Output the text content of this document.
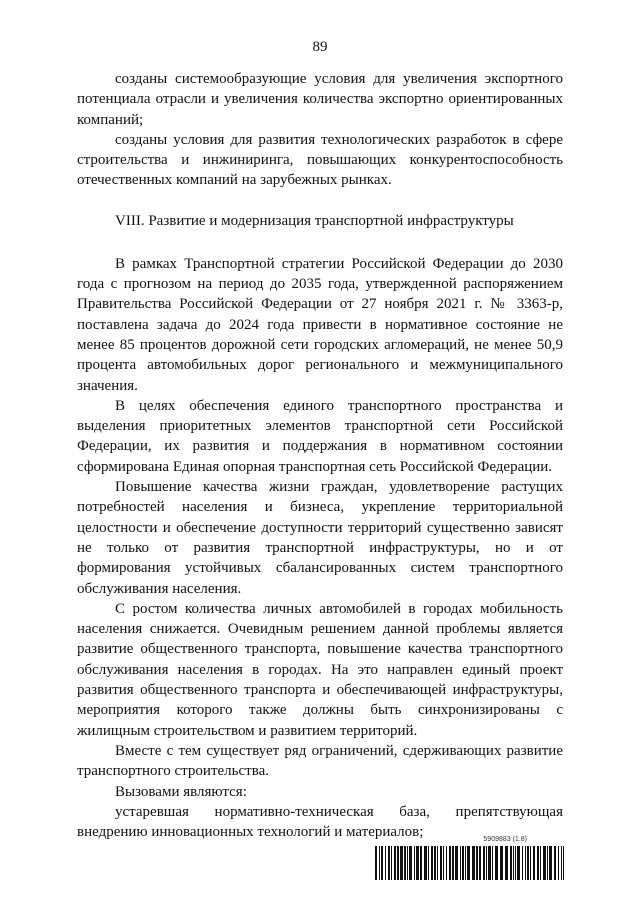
89

созданы системообразующие условия для увеличения экспортного потенциала отрасли и увеличения количества экспортно ориентированных компаний;

созданы условия для развития технологических разработок в сфере строительства и инжиниринга, повышающих конкурентоспособность отечественных компаний на зарубежных рынках.

VIII. Развитие и модернизация транспортной инфраструктуры

В рамках Транспортной стратегии Российской Федерации до 2030 года с прогнозом на период до 2035 года, утвержденной распоряжением Правительства Российской Федерации от 27 ноября 2021 г. № 3363-р, поставлена задача до 2024 года привести в нормативное состояние не менее 85 процентов дорожной сети городских агломераций, не менее 50,9 процента автомобильных дорог регионального и межмуниципального значения.

В целях обеспечения единого транспортного пространства и выделения приоритетных элементов транспортной сети Российской Федерации, их развития и поддержания в нормативном состоянии сформирована Единая опорная транспортная сеть Российской Федерации.

Повышение качества жизни граждан, удовлетворение растущих потребностей населения и бизнеса, укрепление территориальной целостности и обеспечение доступности территорий существенно зависят не только от развития транспортной инфраструктуры, но и от формирования устойчивых сбалансированных систем транспортного обслуживания населения.

С ростом количества личных автомобилей в городах мобильность населения снижается. Очевидным решением данной проблемы является развитие общественного транспорта, повышение качества транспортного обслуживания населения в городах. На это направлен единый проект развития общественного транспорта и обеспечивающей инфраструктуры, мероприятия которого также должны быть синхронизированы с жилищным строительством и развитием территорий.

Вместе с тем существует ряд ограничений, сдерживающих развитие транспортного строительства.

Вызовами являются:

устаревшая нормативно-техническая база, препятствующая внедрению инновационных технологий и материалов;	5909883 (1.8)
